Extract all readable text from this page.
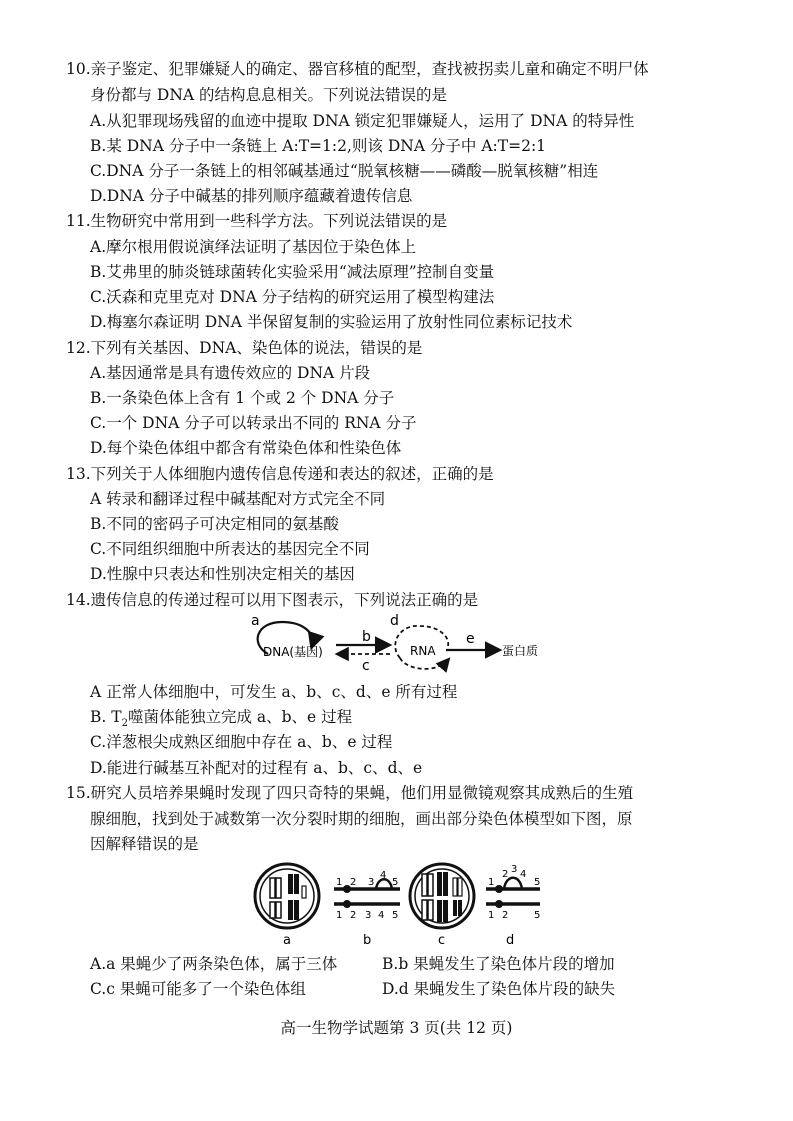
10.亲子鉴定、犯罪嫌疑人的确定、器官移植的配型，查找被拐卖儿童和确定不明尸体
身份都与 DNA 的结构息息相关。下列说法错误的是
A.从犯罪现场残留的血迹中提取 DNA 锁定犯罪嫌疑人，运用了 DNA 的特异性
B.某 DNA 分子中一条链上 A:T=1:2,则该 DNA 分子中 A:T=2:1
C.DNA 分子一条链上的相邻碱基通过“脱氧核糖——磷酸—脱氧核糖”相连
D.DNA 分子中碱基的排列顺序蕴藏着遗传信息
11.生物研究中常用到一些科学方法。下列说法错误的是
A.摩尔根用假说演绎法证明了基因位于染色体上
B.艾弗里的肺炎链球菌转化实验采用“减法原理”控制自变量
C.沃森和克里克对 DNA 分子结构的研究运用了模型构建法
D.梅塞尔森证明 DNA 半保留复制的实验运用了放射性同位素标记技术
12.下列有关基因、DNA、染色体的说法，错误的是
A.基因通常是具有遗传效应的 DNA 片段
B.一条染色体上含有 1 个或 2 个 DNA 分子
C.一个 DNA 分子可以转录出不同的 RNA 分子
D.每个染色体组中都含有常染色体和性染色体
13.下列关于人体细胞内遗传信息传递和表达的叙述，正确的是
A 转录和翻译过程中碱基配对方式完全不同
B.不同的密码子可决定相同的氨基酸
C.不同组织细胞中所表达的基因完全不同
D.性腺中只表达和性别决定相关的基因
14.遗传信息的传递过程可以用下图表示，下列说法正确的是
a
DNA(基因)
b
c
d
RNA
e
蛋白质
A 正常人体细胞中，可发生 a、b、c、d、e 所有过程
B. $T_2$噬菌体能独立完成 a、b、e 过程
C.洋葱根尖成熟区细胞中存在 a、b、e 过程
D.能进行碱基互补配对的过程有 a、b、c、d、e
15.研究人员培养果蝇时发现了四只奇特的果蝇，他们用显微镜观察其成熟后的生殖
腺细胞，找到处于减数第一次分裂时期的细胞，画出部分染色体模型如下图，原
因解释错误的是
a
1 2 3
4
5
1 2 3 4 5
b	c
1
2 3 4
5
1 2	5
d
A.a 果蝇少了两条染色体，属于三体	B.b 果蝇发生了染色体片段的增加
C.c 果蝇可能多了一个染色体组	D.d 果蝇发生了染色体片段的缺失
高一生物学试题第 3 页(共 12 页)
